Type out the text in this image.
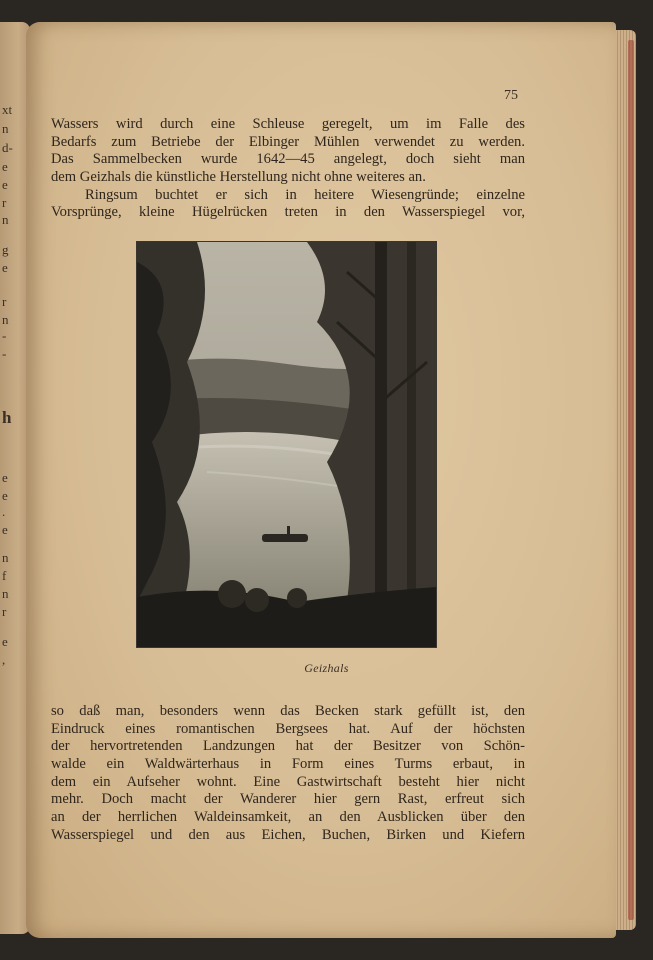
xt
n
d-
e
e
r
n
g
e
r
n
-
-
h
e
e
.
e
n
f
n
r
e
,
75
Wassers wird durch eine Schleuse geregelt, um im Falle des
Bedarfs zum Betriebe der Elbinger Mühlen verwendet zu werden.
Das Sammelbecken wurde 1642—45 angelegt, doch sieht man
dem Geizhals die künstliche Herstellung nicht ohne weiteres an.
Ringsum buchtet er sich in heitere Wiesengründe; einzelne
Vorsprünge, kleine Hügelrücken treten in den Wasserspiegel vor,
Geizhals
so daß man, besonders wenn das Becken stark gefüllt ist, den
Eindruck eines romantischen Bergsees hat. Auf der höchsten
der hervortretenden Landzungen hat der Besitzer von Schön-
walde ein Waldwärterhaus in Form eines Turms erbaut, in
dem ein Aufseher wohnt. Eine Gastwirtschaft besteht hier nicht
mehr. Doch macht der Wanderer hier gern Rast, erfreut sich
an der herrlichen Waldeinsamkeit, an den Ausblicken über den
Wasserspiegel und den aus Eichen, Buchen, Birken und Kiefern
